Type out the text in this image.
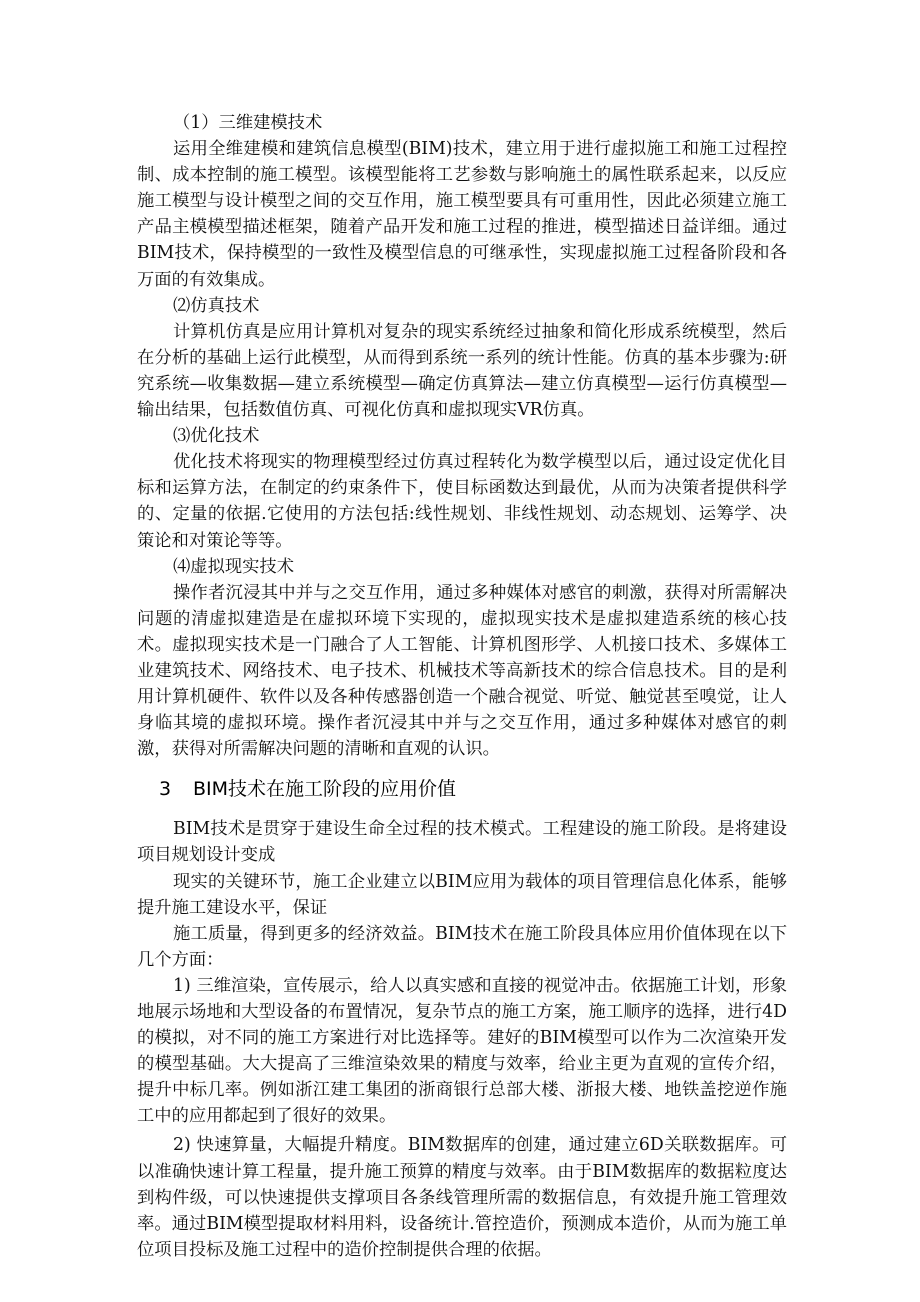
（1）三维建模技术

运用全维建模和建筑信息模型(BIM)技术，建立用于进行虚拟施工和施工过程控制、成本控制的施工模型。该模型能将工艺参数与影响施土的属性联系起来，以反应施工模型与设计模型之间的交互作用，施工模型要具有可重用性，因此必须建立施工产品主模模型描述框架，随着产品开发和施工过程的推进，模型描述日益详细。通过BIM技术，保持模型的一致性及模型信息的可继承性，实现虚拟施工过程备阶段和各万面的有效集成。

⑵仿真技术

计算机仿真是应用计算机对复杂的现实系统经过抽象和简化形成系统模型，然后在分析的基础上运行此模型，从而得到系统一系列的统计性能。仿真的基本步骤为:研究系统—收集数据—建立系统模型—确定仿真算法—建立仿真模型—运行仿真模型—输出结果，包括数值仿真、可视化仿真和虚拟现实VR仿真。

⑶优化技术

优化技术将现实的物理模型经过仿真过程转化为数学模型以后，通过设定优化目标和运算方法，在制定的约束条件下，使目标函数达到最优，从而为决策者提供科学的、定量的依据.它使用的方法包括:线性规划、非线性规划、动态规划、运筹学、决策论和对策论等等。

⑷虚拟现实技术

操作者沉浸其中并与之交互作用，通过多种媒体对感官的刺激，获得对所需解决问题的清虚拟建造是在虚拟环境下实现的，虚拟现实技术是虚拟建造系统的核心技术。虚拟现实技术是一门融合了人工智能、计算机图形学、人机接口技术、多媒体工业建筑技术、网络技术、电子技术、机械技术等高新技术的综合信息技术。目的是利用计算机硬件、软件以及各种传感器创造一个融合视觉、听觉、触觉甚至嗅觉，让人身临其境的虚拟环境。操作者沉浸其中并与之交互作用，通过多种媒体对感官的刺激，获得对所需解决问题的清晰和直观的认识。

3 BIM技术在施工阶段的应用价值

BIM技术是贯穿于建设生命全过程的技术模式。工程建设的施工阶段。是将建设项目规划设计变成

现实的关键环节，施工企业建立以BIM应用为载体的项目管理信息化体系，能够提升施工建设水平，保证

施工质量，得到更多的经济效益。BIM技术在施工阶段具体应用价值体现在以下几个方面：

1) 三维渲染，宣传展示，给人以真实感和直接的视觉冲击。依据施工计划，形象地展示场地和大型设备的布置情况，复杂节点的施工方案，施工顺序的选择，进行4D的模拟，对不同的施工方案进行对比选择等。建好的BIM模型可以作为二次渲染开发的模型基础。大大提高了三维渲染效果的精度与效率，给业主更为直观的宣传介绍，提升中标几率。例如浙江建工集团的浙商银行总部大楼、浙报大楼、地铁盖挖逆作施工中的应用都起到了很好的效果。

2) 快速算量，大幅提升精度。BIM数据库的创建，通过建立6D关联数据库。可以准确快速计算工程量，提升施工预算的精度与效率。由于BIM数据库的数据粒度达到构件级，可以快速提供支撑项目各条线管理所需的数据信息，有效提升施工管理效率。通过BIM模型提取材料用料，设备统计.管控造价，预测成本造价，从而为施工单位项目投标及施工过程中的造价控制提供合理的依据。
